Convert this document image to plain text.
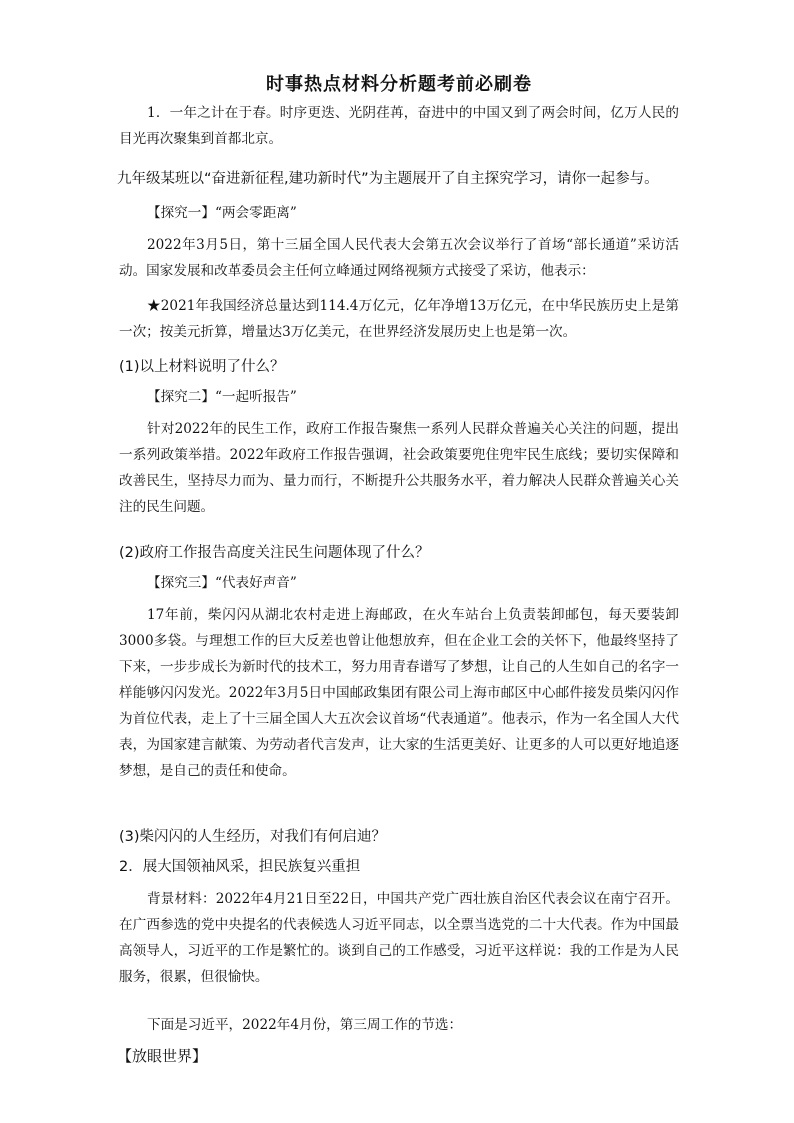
时事热点材料分析题考前必刷卷

1．一年之计在于春。时序更迭、光阴荏苒，奋进中的中国又到了两会时间，亿万人民的目光再次聚集到首都北京。

九年级某班以“奋进新征程,建功新时代”为主题展开了自主探究学习，请你一起参与。

【探究一】“两会零距离”

2022年3月5日，第十三届全国人民代表大会第五次会议举行了首场“部长通道”采访活动。国家发展和改革委员会主任何立峰通过网络视频方式接受了采访，他表示：

★2021年我国经济总量达到114.4万亿元，亿年净增13万亿元，在中华民族历史上是第一次；按美元折算，增量达3万亿美元，在世界经济发展历史上也是第一次。

(1)以上材料说明了什么？

【探究二】“一起听报告”

针对2022年的民生工作，政府工作报告聚焦一系列人民群众普遍关心关注的问题，提出一系列政策举措。2022年政府工作报告强调，社会政策要兜住兜牢民生底线；要切实保障和改善民生，坚持尽力而为、量力而行，不断提升公共服务水平，着力解决人民群众普遍关心关注的民生问题。

(2)政府工作报告高度关注民生问题体现了什么？

【探究三】“代表好声音”

17年前，柴闪闪从湖北农村走进上海邮政，在火车站台上负责装卸邮包，每天要装卸3000多袋。与理想工作的巨大反差也曾让他想放弃，但在企业工会的关怀下，他最终坚持了下来，一步步成长为新时代的技术工，努力用青春谱写了梦想，让自己的人生如自己的名字一样能够闪闪发光。2022年3月5日中国邮政集团有限公司上海市邮区中心邮件接发员柴闪闪作为首位代表，走上了十三届全国人大五次会议首场“代表通道”。他表示，作为一名全国人大代表，为国家建言献策、为劳动者代言发声，让大家的生活更美好、让更多的人可以更好地追逐梦想，是自己的责任和使命。

(3)柴闪闪的人生经历，对我们有何启迪？

2．展大国领袖风采，担民族复兴重担

背景材料：2022年4月21日至22日，中国共产党广西壮族自治区代表会议在南宁召开。在广西参选的党中央提名的代表候选人习近平同志，以全票当选党的二十大代表。作为中国最高领导人，习近平的工作是繁忙的。谈到自己的工作感受，习近平这样说：我的工作是为人民服务，很累，但很愉快。

下面是习近平，2022年4月份，第三周工作的节选：

【放眼世界】
